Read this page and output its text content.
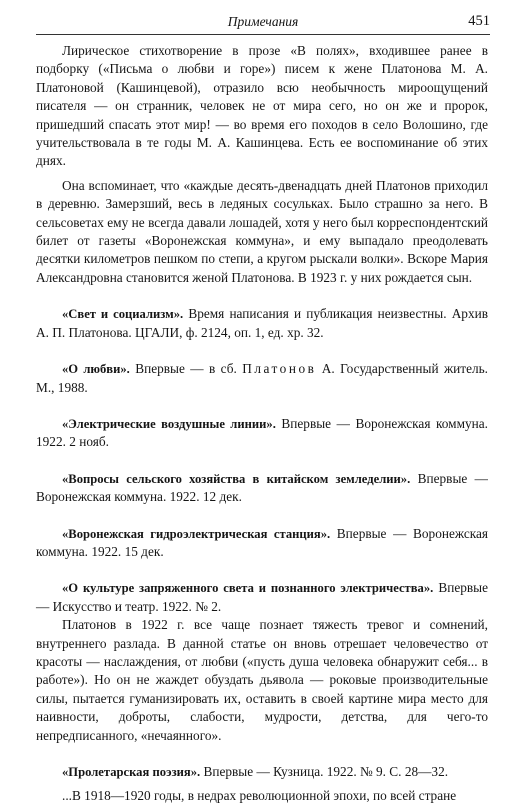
Примечания	451

Лирическое стихотворение в прозе «В полях», входившее ранее в подборку («Письма о любви и горе») писем к жене Платонова М. А. Платоновой (Кашинцевой), отразило всю необычность мироощущений писателя — он странник, человек не от мира сего, но он же и пророк, пришедший спасать этот мир! — во время его походов в село Волошино, где учительствовала в те годы М. А. Кашинцева. Есть ее воспоминание об этих днях.

Она вспоминает, что «каждые десять-двенадцать дней Платонов приходил в деревню. Замерзший, весь в ледяных сосульках. Было страшно за него. В сельсоветах ему не всегда давали лошадей, хотя у него был корреспондентский билет от газеты «Воронежская коммуна», и ему выпадало преодолевать десятки километров пешком по степи, а кругом рыскали волки». Вскоре Мария Александровна становится женой Платонова. В 1923 г. у них рождается сын.

«Свет и социализм». Время написания и публикация неизвестны. Архив А. П. Платонова. ЦГАЛИ, ф. 2124, оп. 1, ед. хр. 32.

«О любви». Впервые — в сб. Платонов А. Государственный житель. М., 1988.

«Электрические воздушные линии». Впервые — Воронежская коммуна. 1922. 2 нояб.

«Вопросы сельского хозяйства в китайском земледелии». Впервые — Воронежская коммуна. 1922. 12 дек.

«Воронежская гидроэлектрическая станция». Впервые — Воронежская коммуна. 1922. 15 дек.

«О культуре запряженного света и познанного электричества». Впервые — Искусство и театр. 1922. № 2.

Платонов в 1922 г. все чаще познает тяжесть тревог и сомнений, внутреннего разлада. В данной статье он вновь отрешает человечество от красоты — наслаждения, от любви («пусть душа человека обнаружит себя... в работе»). Но он не жаждет обуздать дьявола — роковые производительные силы, пытается гуманизировать их, оставить в своей картине мира место для наивности, доброты, слабости, мудрости, детства, для чего-то непредписанного, «нечаянного».

«Пролетарская поэзия». Впервые — Кузница. 1922. № 9. С. 28—32.

...В 1918—1920 годы, в недрах революционной эпохи, по всей стране
